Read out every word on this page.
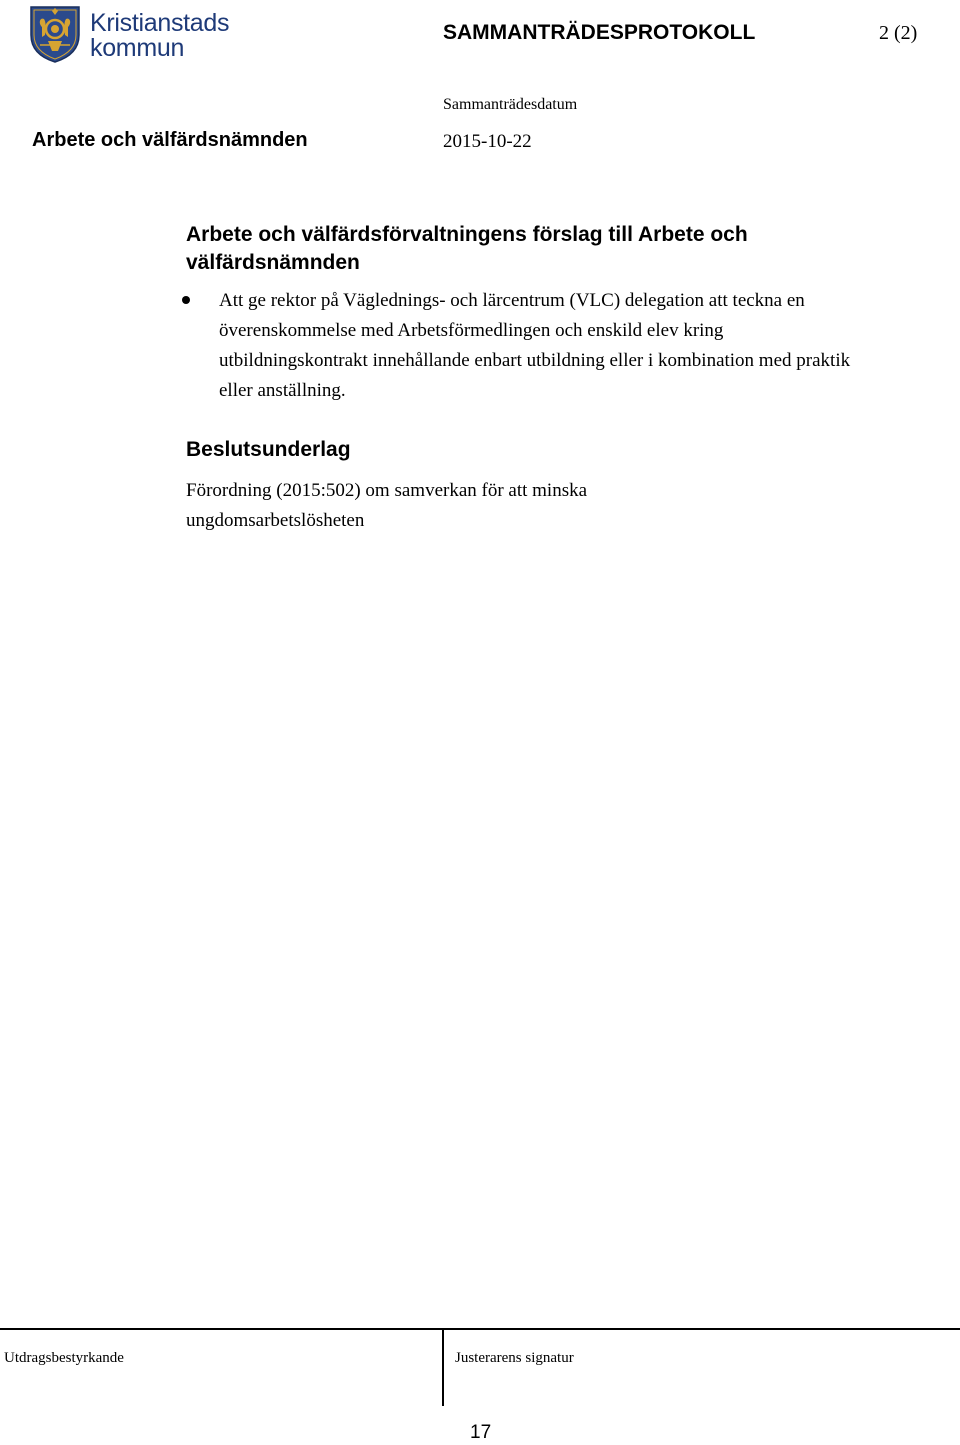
Kristianstads
kommun
SAMMANTRÄDESPROTOKOLL	2 (2)
Arbete och välfärdsnämnden
Sammanträdesdatum
2015-10-22
Arbete och välfärdsförvaltningens förslag till Arbete och välfärdsnämnden
Att ge rektor på Väglednings- och lärcentrum (VLC) delegation att teckna en överenskommelse med Arbetsförmedlingen och enskild elev kring utbildningskontrakt innehållande enbart utbildning eller i kombination med praktik eller anställning.
Beslutsunderlag
Förordning (2015:502) om samverkan för att minska ungdomsarbetslösheten
Utdragsbestyrkande	Justerarens signatur
17
